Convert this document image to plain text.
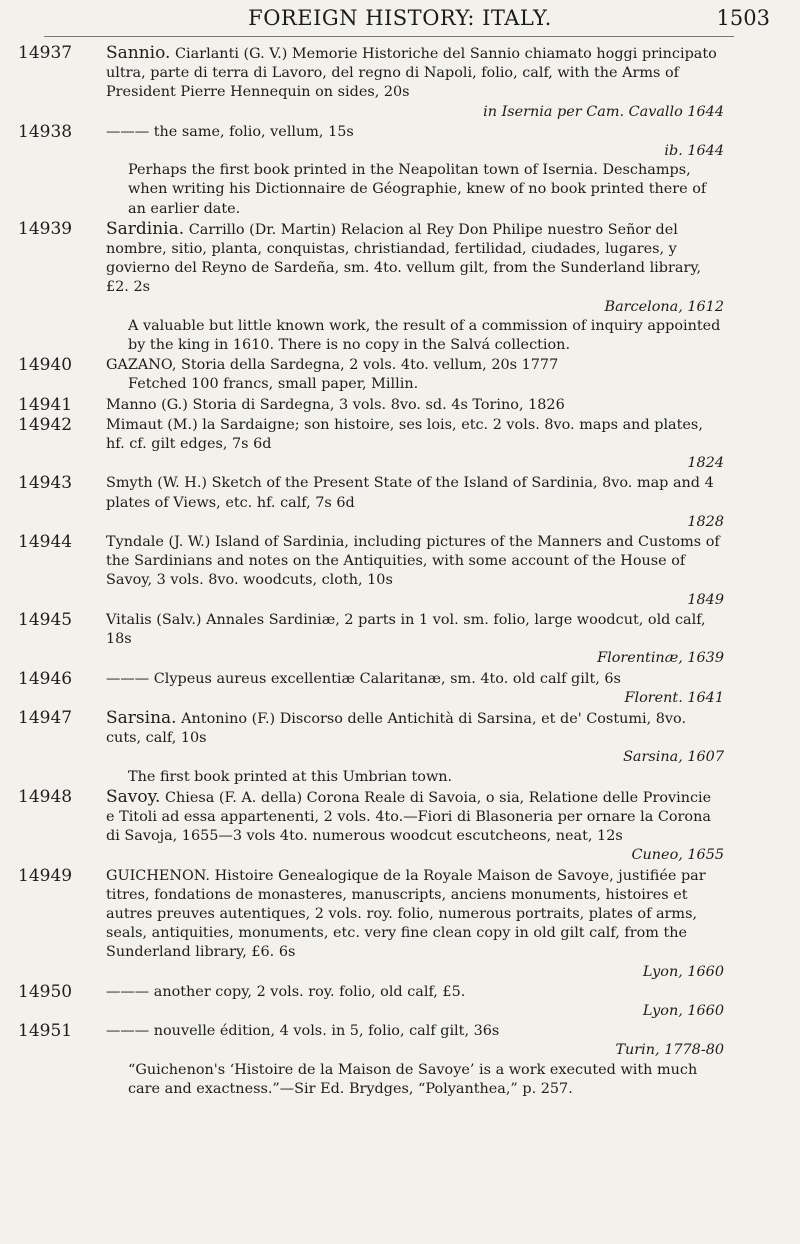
FOREIGN HISTORY: ITALY.	1503
14937	Sannio. Ciarlanti (G. V.) Memorie Historiche del Sannio chiamato hoggi principato ultra, parte di terra di Lavoro, del regno di Napoli, folio, calf, with the Arms of President Pierre Hennequin on sides, 20s
in Isernia per Cam. Cavallo 1644
14938	——— the same, folio, vellum, 15s
ib. 1644
Perhaps the first book printed in the Neapolitan town of Isernia. Deschamps, when writing his Dictionnaire de Géographie, knew of no book printed there of an earlier date.
14939	Sardinia. Carrillo (Dr. Martin) Relacion al Rey Don Philipe nuestro Señor del nombre, sitio, planta, conquistas, christiandad, fertilidad, ciudades, lugares, y govierno del Reyno de Sardeña, sm. 4to. vellum gilt, from the Sunderland library, £2. 2s
Barcelona, 1612
A valuable but little known work, the result of a commission of inquiry appointed by the king in 1610. There is no copy in the Salvá collection.
14940	GAZANO, Storia della Sardegna, 2 vols. 4to. vellum, 20s 1777
Fetched 100 francs, small paper, Millin.
14941	Manno (G.) Storia di Sardegna, 3 vols. 8vo. sd. 4s Torino, 1826
14942	Mimaut (M.) la Sardaigne; son histoire, ses lois, etc. 2 vols. 8vo. maps and plates, hf. cf. gilt edges, 7s 6d
1824
14943	Smyth (W. H.) Sketch of the Present State of the Island of Sardinia, 8vo. map and 4 plates of Views, etc. hf. calf, 7s 6d
1828
14944	Tyndale (J. W.) Island of Sardinia, including pictures of the Manners and Customs of the Sardinians and notes on the Antiquities, with some account of the House of Savoy, 3 vols. 8vo. woodcuts, cloth, 10s
1849
14945	Vitalis (Salv.) Annales Sardiniæ, 2 parts in 1 vol. sm. folio, large woodcut, old calf, 18s
Florentinæ, 1639
14946	——— Clypeus aureus excellentiæ Calaritanæ, sm. 4to. old calf gilt, 6s
Florent. 1641
14947	Sarsina. Antonino (F.) Discorso delle Antichità di Sarsina, et de' Costumi, 8vo. cuts, calf, 10s
Sarsina, 1607
The first book printed at this Umbrian town.
14948	Savoy. Chiesa (F. A. della) Corona Reale di Savoia, o sia, Relatione delle Provincie e Titoli ad essa appartenenti, 2 vols. 4to.—Fiori di Blasoneria per ornare la Corona di Savoja, 1655—3 vols 4to. numerous woodcut escutcheons, neat, 12s
Cuneo, 1655
14949	GUICHENON. Histoire Genealogique de la Royale Maison de Savoye, justifiée par titres, fondations de monasteres, manuscripts, anciens monuments, histoires et autres preuves autentiques, 2 vols. roy. folio, numerous portraits, plates of arms, seals, antiquities, monuments, etc. very fine clean copy in old gilt calf, from the Sunderland library, £6. 6s
Lyon, 1660
14950	——— another copy, 2 vols. roy. folio, old calf, £5.
Lyon, 1660
14951	——— nouvelle édition, 4 vols. in 5, folio, calf gilt, 36s
Turin, 1778-80
“Guichenon's ‘Histoire de la Maison de Savoye’ is a work executed with much care and exactness.”—Sir Ed. Brydges, “Polyanthea,” p. 257.
